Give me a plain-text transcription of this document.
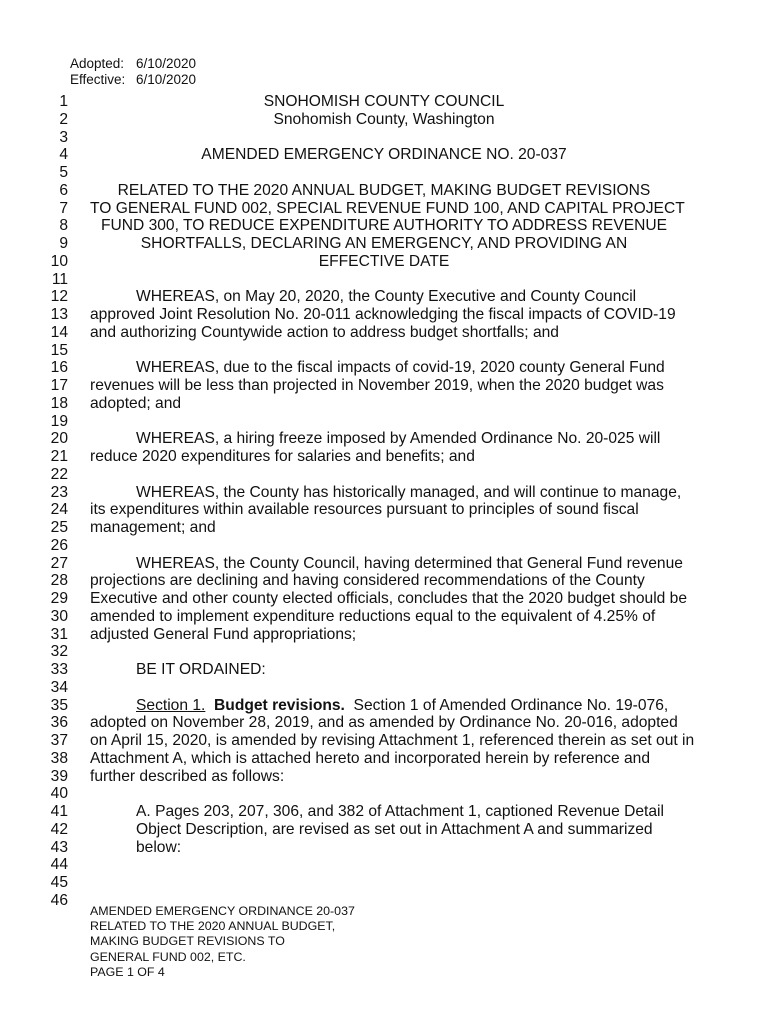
Adopted: 6/10/2020
Effective: 6/10/2020
1	SNOHOMISH COUNTY COUNCIL
2	Snohomish County, Washington
3
4	AMENDED EMERGENCY ORDINANCE NO. 20-037
5
6	RELATED TO THE 2020 ANNUAL BUDGET, MAKING BUDGET REVISIONS
7 TO GENERAL FUND 002, SPECIAL REVENUE FUND 100, AND CAPITAL PROJECT
8	FUND 300, TO REDUCE EXPENDITURE AUTHORITY TO ADDRESS REVENUE
9	SHORTFALLS, DECLARING AN EMERGENCY, AND PROVIDING AN
10	EFFECTIVE DATE
11
12	WHEREAS, on May 20, 2020, the County Executive and County Council
13 approved Joint Resolution No. 20-011 acknowledging the fiscal impacts of COVID-19
14 and authorizing Countywide action to address budget shortfalls; and
15
16	WHEREAS, due to the fiscal impacts of covid-19, 2020 county General Fund
17 revenues will be less than projected in November 2019, when the 2020 budget was
18 adopted; and
19
20	WHEREAS, a hiring freeze imposed by Amended Ordinance No. 20-025 will
21 reduce 2020 expenditures for salaries and benefits; and
22
23	WHEREAS, the County has historically managed, and will continue to manage,
24 its expenditures within available resources pursuant to principles of sound fiscal
25 management; and
26
27	WHEREAS, the County Council, having determined that General Fund revenue
28 projections are declining and having considered recommendations of the County
29 Executive and other county elected officials, concludes that the 2020 budget should be
30 amended to implement expenditure reductions equal to the equivalent of 4.25% of
31 adjusted General Fund appropriations;
32
33	BE IT ORDAINED:
34
35	Section 1. Budget revisions. Section 1 of Amended Ordinance No. 19-076,
36 adopted on November 28, 2019, and as amended by Ordinance No. 20-016, adopted
37 on April 15, 2020, is amended by revising Attachment 1, referenced therein as set out in
38 Attachment A, which is attached hereto and incorporated herein by reference and
39 further described as follows:
40
41	A. Pages 203, 207, 306, and 382 of Attachment 1, captioned Revenue Detail
42	Object Description, are revised as set out in Attachment A and summarized
43	below:
44
45
46
AMENDED EMERGENCY ORDINANCE 20-037
RELATED TO THE 2020 ANNUAL BUDGET,
MAKING BUDGET REVISIONS TO
GENERAL FUND 002, ETC.
PAGE 1 OF 4
